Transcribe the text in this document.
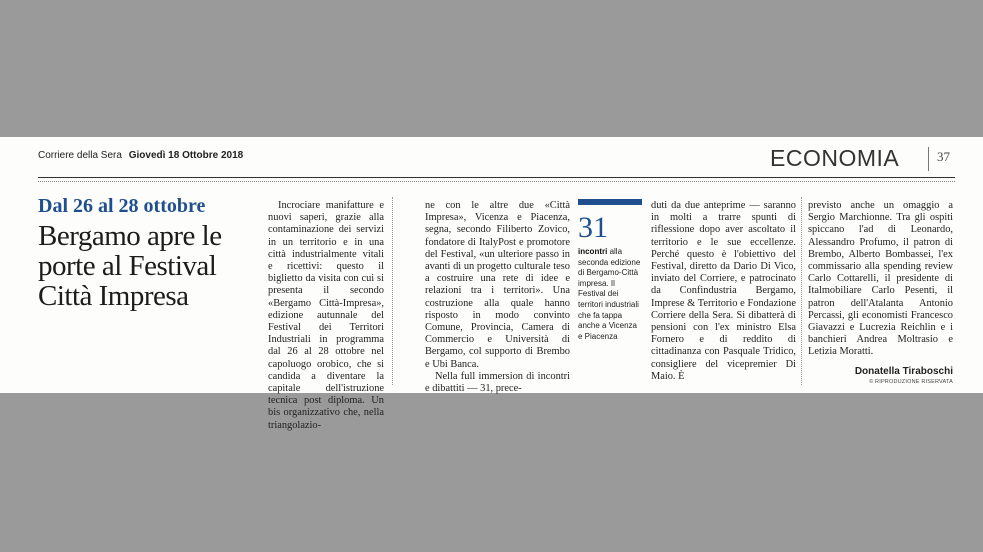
Corriere della Sera Giovedì 18 Ottobre 2018	ECONOMIA	37
Dal 26 al 28 ottobre
Bergamo apre le porte al Festival Città Impresa

Incrociare manifatture e nuovi saperi, grazie alla contaminazione dei servizi in un territorio e in una città industrialmente vitali e ricettivi: questo il biglietto da visita con cui si presenta il secondo «Bergamo Città-Impresa», edizione autunnale del Festival dei Territori Industriali in programma dal 26 al 28 ottobre nel capoluogo orobico, che si candida a diventare la capitale dell'istruzione tecnica post diploma. Un bis organizzativo che, nella triangolazio-

ne con le altre due «Città Impresa», Vicenza e Piacenza, segna, secondo Filiberto Zovico, fondatore di ItalyPost e promotore del Festival, «un ulteriore passo in avanti di un progetto culturale teso a costruire una rete di idee e relazioni tra i territori». Una costruzione alla quale hanno risposto in modo convinto Comune, Provincia, Camera di Commercio e Università di Bergamo, col supporto di Brembo e Ubi Banca.

Nella full immersion di incontri e dibattiti — 31, prece-

31
incontri alla seconda edizione di Bergamo-Città impresa. Il Festival dei territori industriali che fa tappa anche a Vicenza e Piacenza

duti da due anteprime — saranno in molti a trarre spunti di riflessione dopo aver ascoltato il territorio e le sue eccellenze. Perché questo è l'obiettivo del Festival, diretto da Dario Di Vico, inviato del Corriere, e patrocinato da Confindustria Bergamo, Imprese & Territorio e Fondazione Corriere della Sera. Si dibatterà di pensioni con l'ex ministro Elsa Fornero e di reddito di cittadinanza con Pasquale Tridico, consigliere del vicepremier Di Maio. È

previsto anche un omaggio a Sergio Marchionne. Tra gli ospiti spiccano l'ad di Leonardo, Alessandro Profumo, il patron di Brembo, Alberto Bombassei, l'ex commissario alla spending review Carlo Cottarelli, il presidente di Italmobiliare Carlo Pesenti, il patron dell'Atalanta Antonio Percassi, gli economisti Francesco Giavazzi e Lucrezia Reichlin e i banchieri Andrea Moltrasio e Letizia Moratti.

Donatella Tiraboschi
© RIPRODUZIONE RISERVATA
